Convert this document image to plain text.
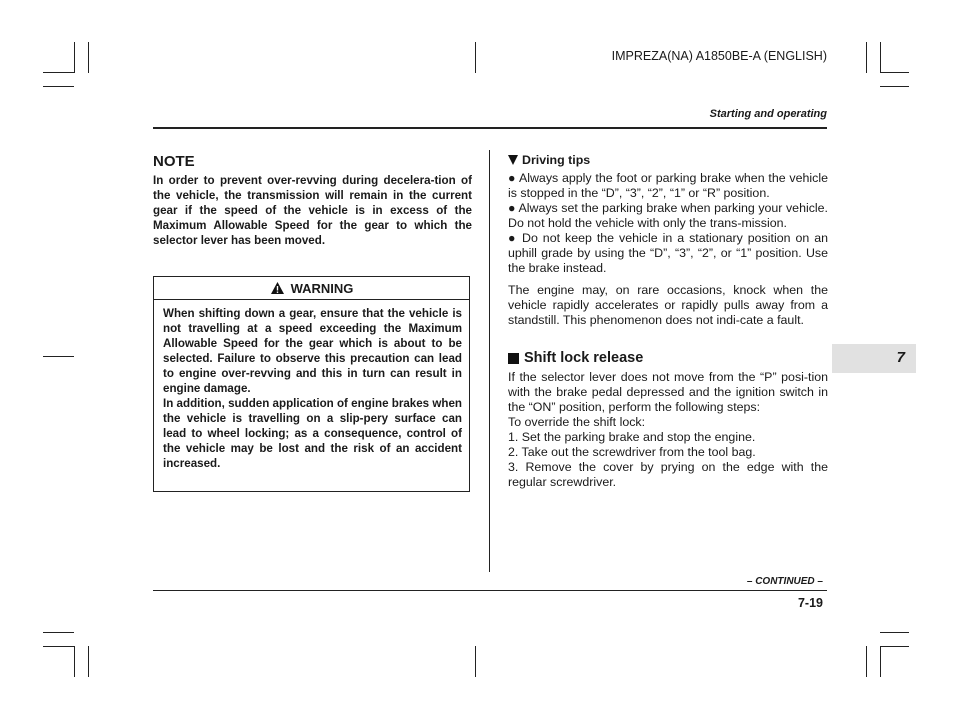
IMPREZA(NA) A1850BE-A (ENGLISH)
Starting and operating
NOTE

In order to prevent over-revving during decelera-tion of the vehicle, the transmission will remain in the current gear if the speed of the vehicle is in excess of the Maximum Allowable Speed for the gear to which the selector lever has been moved.

WARNING

When shifting down a gear, ensure that the vehicle is not travelling at a speed exceeding the Maximum Allowable Speed for the gear which is about to be selected. Failure to observe this precaution can lead to engine over-revving and this in turn can result in engine damage.

In addition, sudden application of engine brakes when the vehicle is travelling on a slip-pery surface can lead to wheel locking; as a consequence, control of the vehicle may be lost and the risk of an accident increased.

Driving tips

● Always apply the foot or parking brake when the vehicle is stopped in the “D”, “3”, “2”, “1” or “R” position.

● Always set the parking brake when parking your vehicle. Do not hold the vehicle with only the trans-mission.

● Do not keep the vehicle in a stationary position on an uphill grade by using the “D”, “3”, “2”, or “1” position. Use the brake instead.

The engine may, on rare occasions, knock when the vehicle rapidly accelerates or rapidly pulls away from a standstill. This phenomenon does not indi-cate a fault.

Shift lock release

If the selector lever does not move from the “P” posi-tion with the brake pedal depressed and the ignition switch in the “ON” position, perform the following steps:

To override the shift lock:

1. Set the parking brake and stop the engine.

2. Take out the screwdriver from the tool bag.

3. Remove the cover by prying on the edge with the regular screwdriver.

7
– CONTINUED –
7-19
